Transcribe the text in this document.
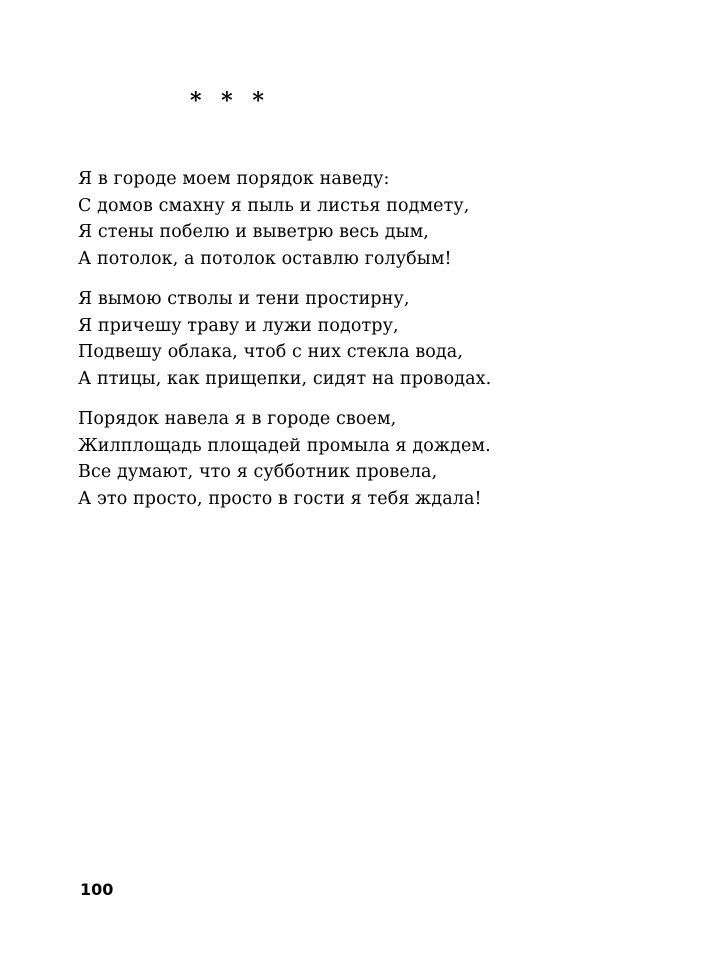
* * *
Я в городе моем порядок наведу:
С домов смахну я пыль и листья подмету,
Я стены побелю и выветрю весь дым,
А потолок, а потолок оставлю голубым!
Я вымою стволы и тени простирну,
Я причешу траву и лужи подотру,
Подвешу облака, чтоб с них стекла вода,
А птицы, как прищепки, сидят на проводах.
Порядок навела я в городе своем,
Жилплощадь площадей промыла я дождем.
Все думают, что я субботник провела,
А это просто, просто в гости я тебя ждала!
100
